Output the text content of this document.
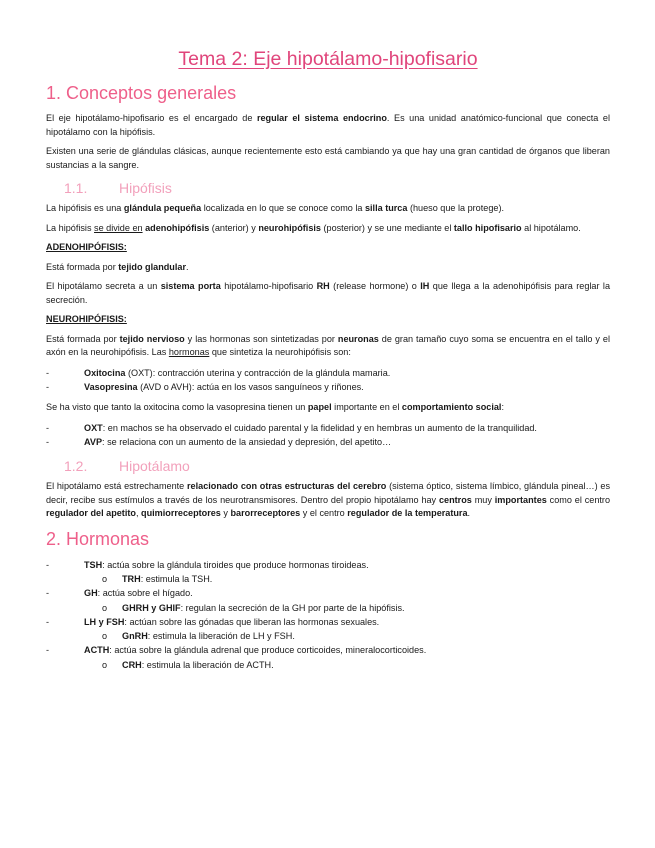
Tema 2: Eje hipotálamo-hipofisario
1. Conceptos generales

El eje hipotálamo-hipofisario es el encargado de regular el sistema endocrino. Es una unidad anatómico-funcional que conecta el hipotálamo con la hipófisis.

Existen una serie de glándulas clásicas, aunque recientemente esto está cambiando ya que hay una gran cantidad de órganos que liberan sustancias a la sangre.

1.1. Hipófisis

La hipófisis es una glándula pequeña localizada en lo que se conoce como la silla turca (hueso que la protege).

La hipófisis se divide en adenohipófisis (anterior) y neurohipófisis (posterior) y se une mediante el tallo hipofisario al hipotálamo.

ADENOHIPÓFISIS:

Está formada por tejido glandular.

El hipotálamo secreta a un sistema porta hipotálamo-hipofisario RH (release hormone) o IH que llega a la adenohipófisis para reglar la secreción.

NEUROHIPÓFISIS:

Está formada por tejido nervioso y las hormonas son sintetizadas por neuronas de gran tamaño cuyo soma se encuentra en el tallo y el axón en la neurohipófisis. Las hormonas que sintetiza la neurohipófisis son:

-	Oxitocina (OXT): contracción uterina y contracción de la glándula mamaria.
-	Vasopresina (AVD o AVH): actúa en los vasos sanguíneos y riñones.

Se ha visto que tanto la oxitocina como la vasopresina tienen un papel importante en el comportamiento social:

-	OXT: en machos se ha observado el cuidado parental y la fidelidad y en hembras un aumento de la tranquilidad.
-	AVP: se relaciona con un aumento de la ansiedad y depresión, del apetito…
1.2. Hipotálamo

El hipotálamo está estrechamente relacionado con otras estructuras del cerebro (sistema óptico, sistema límbico, glándula pineal…) es decir, recibe sus estímulos a través de los neurotransmisores. Dentro del propio hipotálamo hay centros muy importantes como el centro regulador del apetito, quimiorreceptores y barorreceptores y el centro regulador de la temperatura.

2. Hormonas
-	TSH: actúa sobre la glándula tiroides que produce hormonas tiroideas.
o TRH: estimula la TSH.
-	GH: actúa sobre el hígado.
o GHRH y GHIF: regulan la secreción de la GH por parte de la hipófisis.
-	LH y FSH: actúan sobre las gónadas que liberan las hormonas sexuales.
o GnRH: estimula la liberación de LH y FSH.
-	ACTH: actúa sobre la glándula adrenal que produce corticoides, mineralocorticoides.
o CRH: estimula la liberación de ACTH.
